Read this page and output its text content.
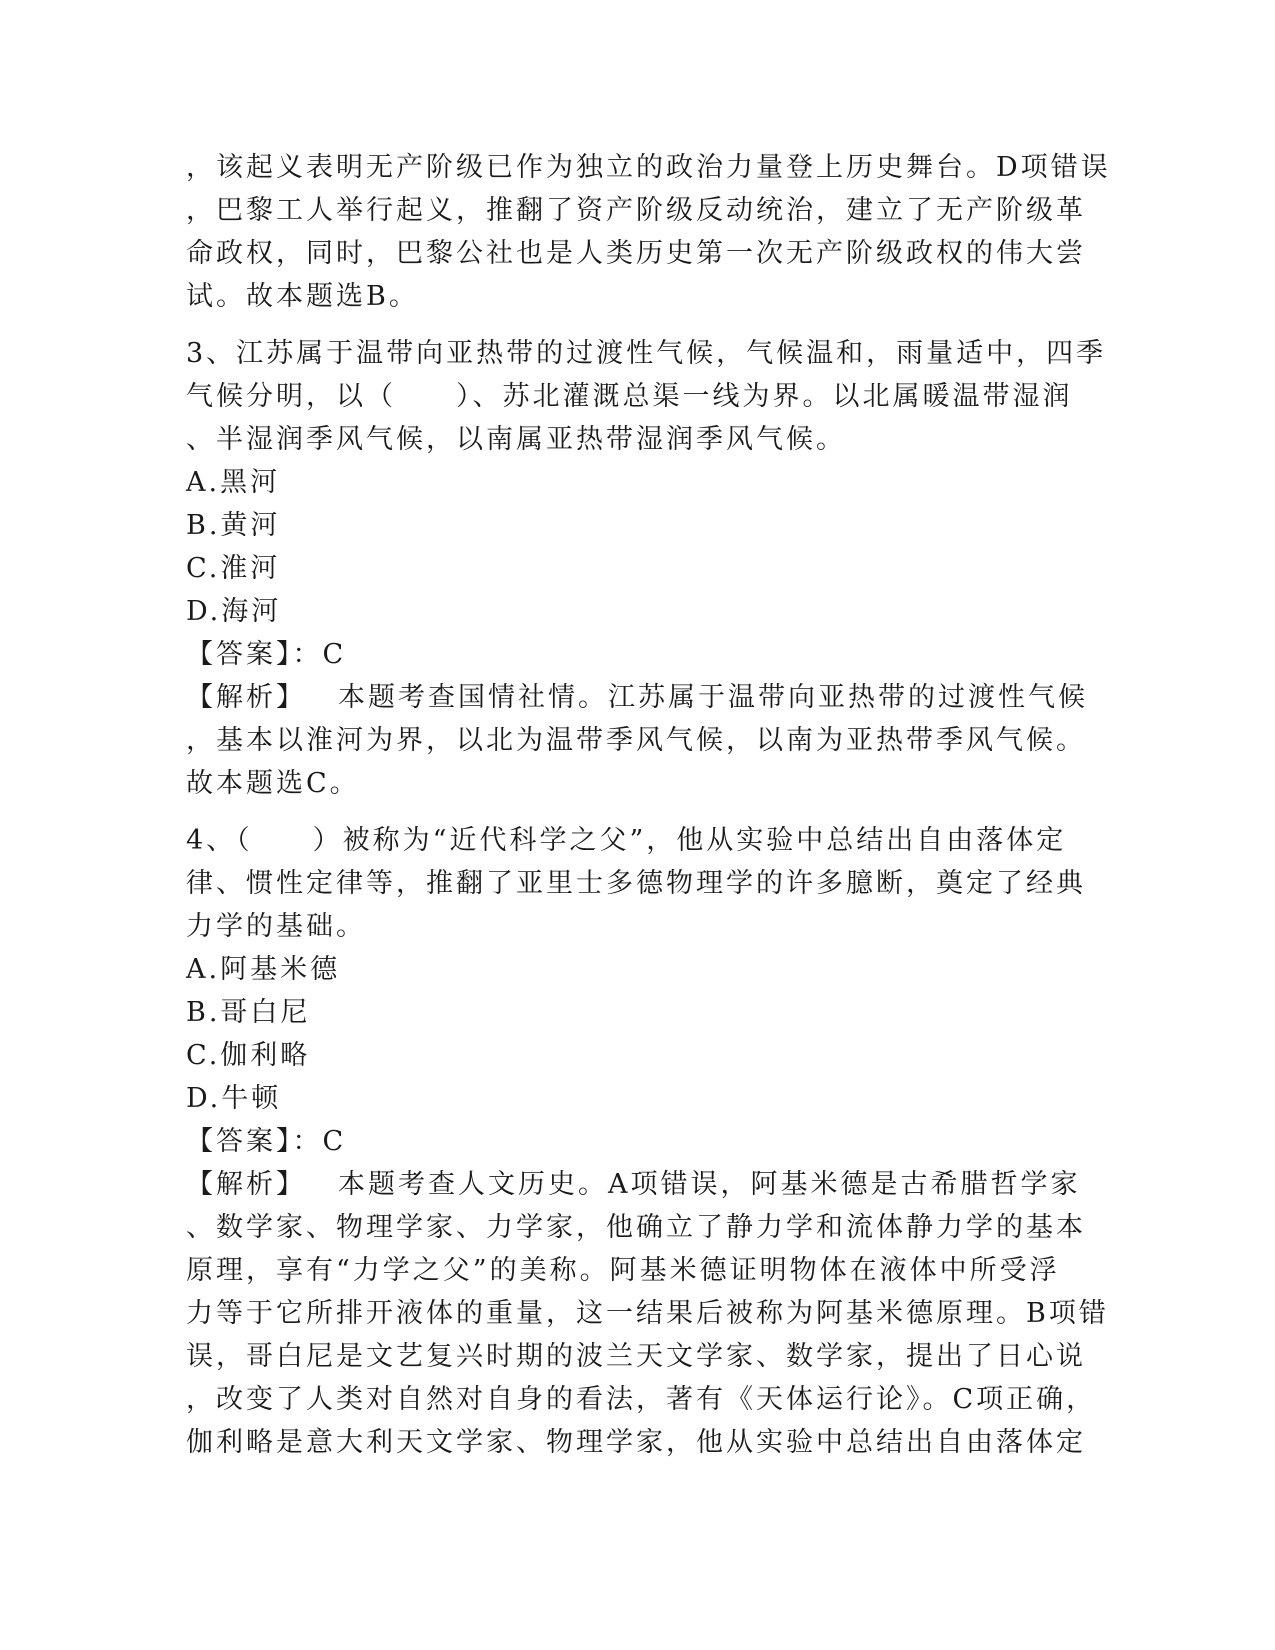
，该起义表明无产阶级已作为独立的政治力量登上历史舞台。D项错误
，巴黎工人举行起义，推翻了资产阶级反动统治，建立了无产阶级革
命政权，同时，巴黎公社也是人类历史第一次无产阶级政权的伟大尝
试。故本题选B。
3、江苏属于温带向亚热带的过渡性气候，气候温和，雨量适中，四季
气候分明，以（　　）、苏北灌溉总渠一线为界。以北属暖温带湿润
、半湿润季风气候，以南属亚热带湿润季风气候。
A.黑河
B.黄河
C.淮河
D.海河
【答案】：C
【解析】 本题考查国情社情。江苏属于温带向亚热带的过渡性气候
，基本以淮河为界，以北为温带季风气候，以南为亚热带季风气候。
故本题选C。
4、（　　）被称为“近代科学之父”，他从实验中总结出自由落体定
律、惯性定律等，推翻了亚里士多德物理学的许多臆断，奠定了经典
力学的基础。
A.阿基米德
B.哥白尼
C.伽利略
D.牛顿
【答案】：C
【解析】 本题考查人文历史。A项错误，阿基米德是古希腊哲学家
、数学家、物理学家、力学家，他确立了静力学和流体静力学的基本
原理，享有“力学之父”的美称。阿基米德证明物体在液体中所受浮
力等于它所排开液体的重量，这一结果后被称为阿基米德原理。B项错
误，哥白尼是文艺复兴时期的波兰天文学家、数学家，提出了日心说
，改变了人类对自然对自身的看法，著有《天体运行论》。C项正确，
伽利略是意大利天文学家、物理学家，他从实验中总结出自由落体定
